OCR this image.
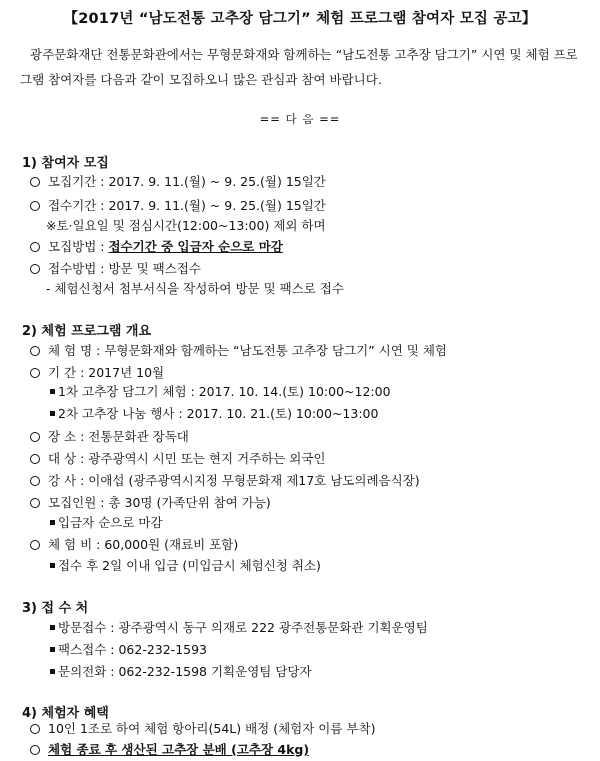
【2017년 “남도전통 고추장 담그기” 체험 프로그램 참여자 모집 공고】
광주문화재단 전통문화관에서는 무형문화재와 함께하는 “남도전통 고추장 담그기” 시연 및 체험 프로그램 참여자를 다음과 같이 모집하오니 많은 관심과 참여 바랍니다.
== 다 음 ==
1) 참여자 모집
모집기간 : 2017. 9. 11.(월) ~ 9. 25.(월) 15일간
접수기간 : 2017. 9. 11.(월) ~ 9. 25.(월) 15일간
※토·일요일 및 점심시간(12:00~13:00) 제외 하며
모집방법 : 접수기간 중 입금자 순으로 마감
접수방법 : 방문 및 팩스접수
- 체험신청서 첨부서식을 작성하여 방문 및 팩스로 접수
2) 체험 프로그램 개요
체 험 명 : 무형문화재와 함께하는 “남도전통 고추장 담그기” 시연 및 체험
기 간 : 2017년 10월
1차 고추장 담그기 체험 : 2017. 10. 14.(토) 10:00~12:00
2차 고추장 나눔 행사 : 2017. 10. 21.(토) 10:00~13:00
장 소 : 전통문화관 장독대
대 상 : 광주광역시 시민 또는 현지 거주하는 외국인
강 사 : 이애섭 (광주광역시지정 무형문화재 제17호 남도의례음식장)
모집인원 : 총 30명 (가족단위 참여 가능)
입금자 순으로 마감
체 험 비 : 60,000원 (재료비 포함)
접수 후 2일 이내 입금 (미입금시 체험신청 취소)
3) 접 수 처
방문접수 : 광주광역시 동구 의재로 222 광주전통문화관 기획운영팀
팩스접수 : 062-232-1593
문의전화 : 062-232-1598 기획운영팀 담당자
4) 체험자 혜택
10인 1조로 하여 체험 항아리(54L) 배정 (체험자 이름 부착)
체험 종료 후 생산된 고추장 분배 (고추장 4kg)
